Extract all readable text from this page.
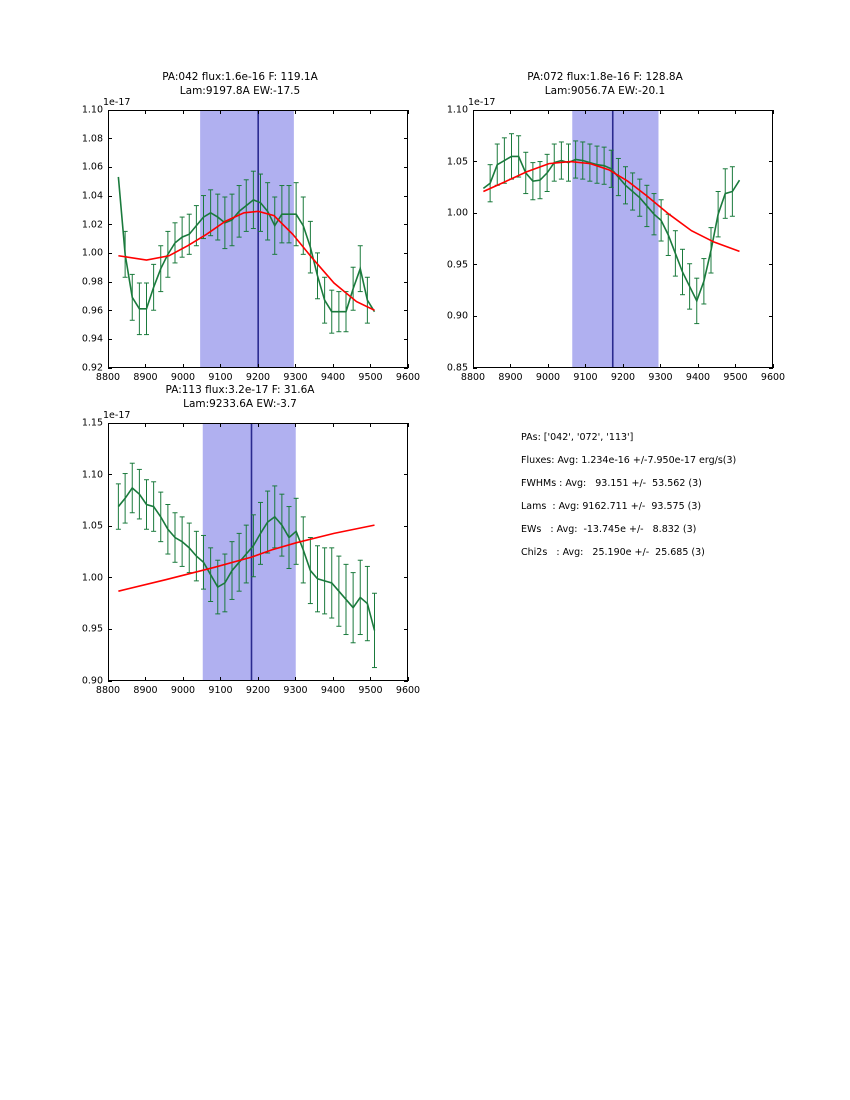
PA:042 flux:1.6e-16 F: 119.1A
Lam:9197.8A EW:-17.5
1e-17
0.92
0.94
0.96
0.98
1.00
1.02
1.04
1.06
1.08
1.10
8800 8900 9000 9100 9200 9300 9400 9500 9600
PA:072 flux:1.8e-16 F: 128.8A
Lam:9056.7A EW:-20.1
1e-17
0.85
0.90
0.95
1.00
1.05
1.10
8800 8900 9000 9100 9200 9300 9400 9500 9600
PA:113 flux:3.2e-17 F: 31.6A
Lam:9233.6A EW:-3.7
1e-17
0.90
0.95
1.00
1.05
1.10
1.15
8800 8900 9000 9100 9200 9300 9400 9500 9600
PAs: ['042', '072', '113']
Fluxes: Avg: 1.234e-16 +/-7.950e-17 erg/s(3)
FWHMs : Avg:   93.151 +/-  53.562 (3)
Lams  : Avg: 9162.711 +/-  93.575 (3)
EWs   : Avg:  -13.745e +/-   8.832 (3)
Chi2s   : Avg:   25.190e +/-  25.685 (3)
